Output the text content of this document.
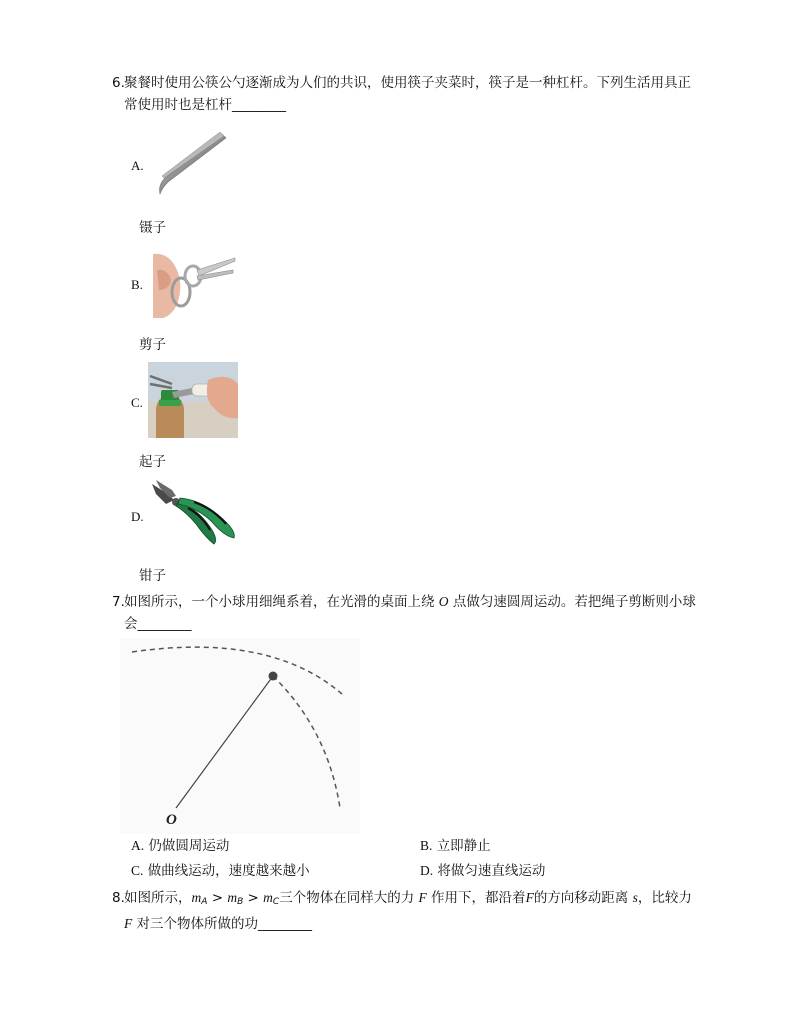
6. 聚餐时使用公筷公勺逐渐成为人们的共识，使用筷子夹菜时，筷子是一种杠杆。下列生活用具正
常使用时也是杠杆________
A.
镊子
B.
剪子
C.
起子
D.
钳子
7. 如图所示，一个小球用细绳系着，在光滑的桌面上绕 O 点做匀速圆周运动。若把绳子剪断则小球
会________
O
A. 仍做圆周运动	B. 立即静止
C. 做曲线运动，速度越来越小	D. 将做匀速直线运动
8. 如图所示，$m_A > m_B > m_C$三个物体在同样大的力 F 作用下，都沿着F的方向移动距离 s，比较力
F 对三个物体所做的功________
